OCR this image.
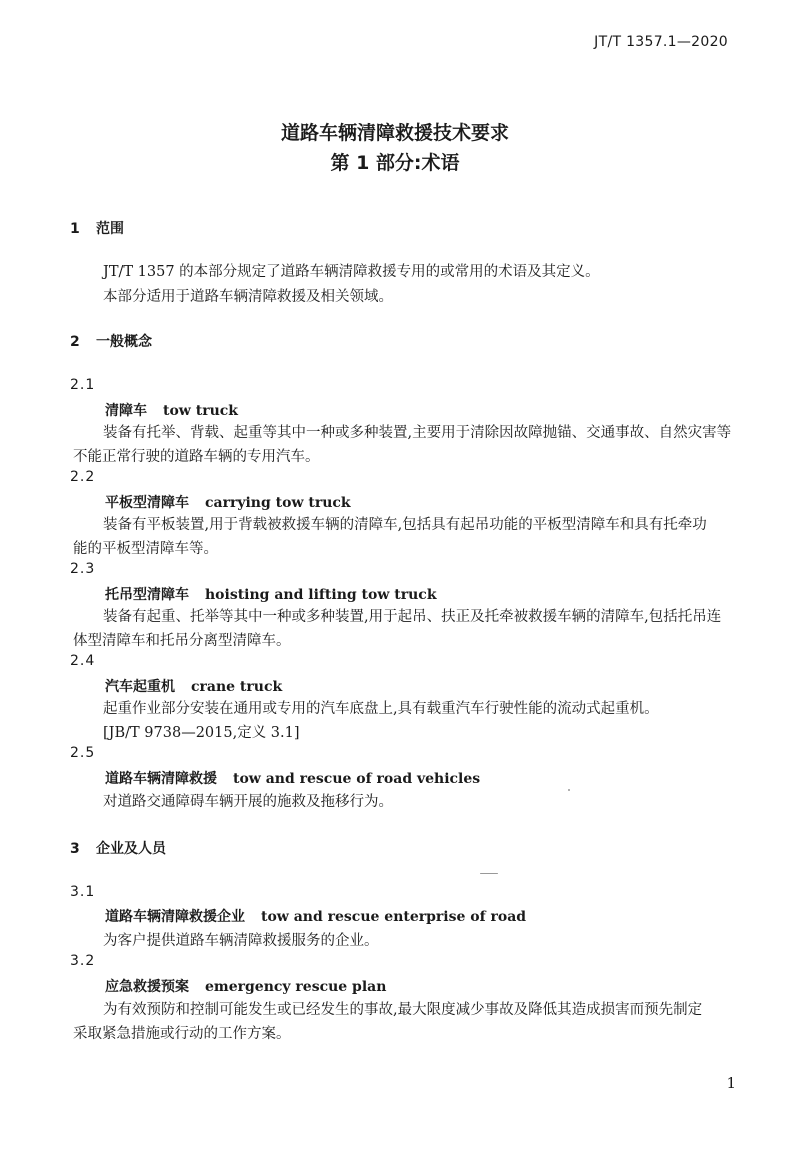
JT/T 1357.1—2020
道路车辆清障救援技术要求
第 1 部分:术语
1 范围
JT/T 1357 的本部分规定了道路车辆清障救援专用的或常用的术语及其定义。
本部分适用于道路车辆清障救援及相关领域。
2 一般概念
2.1
清障车 tow truck
装备有托举、背载、起重等其中一种或多种装置,主要用于清除因故障抛锚、交通事故、自然灾害等
不能正常行驶的道路车辆的专用汽车。
2.2
平板型清障车 carrying tow truck
装备有平板装置,用于背载被救援车辆的清障车,包括具有起吊功能的平板型清障车和具有托牵功
能的平板型清障车等。
2.3
托吊型清障车 hoisting and lifting tow truck
装备有起重、托举等其中一种或多种装置,用于起吊、扶正及托牵被救援车辆的清障车,包括托吊连
体型清障车和托吊分离型清障车。
2.4
汽车起重机 crane truck
起重作业部分安装在通用或专用的汽车底盘上,具有载重汽车行驶性能的流动式起重机。
[JB/T 9738—2015,定义 3.1]
2.5
道路车辆清障救援 tow and rescue of road vehicles
对道路交通障碍车辆开展的施救及拖移行为。
3 企业及人员
3.1
道路车辆清障救援企业 tow and rescue enterprise of road
为客户提供道路车辆清障救援服务的企业。
3.2
应急救援预案 emergency rescue plan
为有效预防和控制可能发生或已经发生的事故,最大限度减少事故及降低其造成损害而预先制定
采取紧急措施或行动的工作方案。
1
